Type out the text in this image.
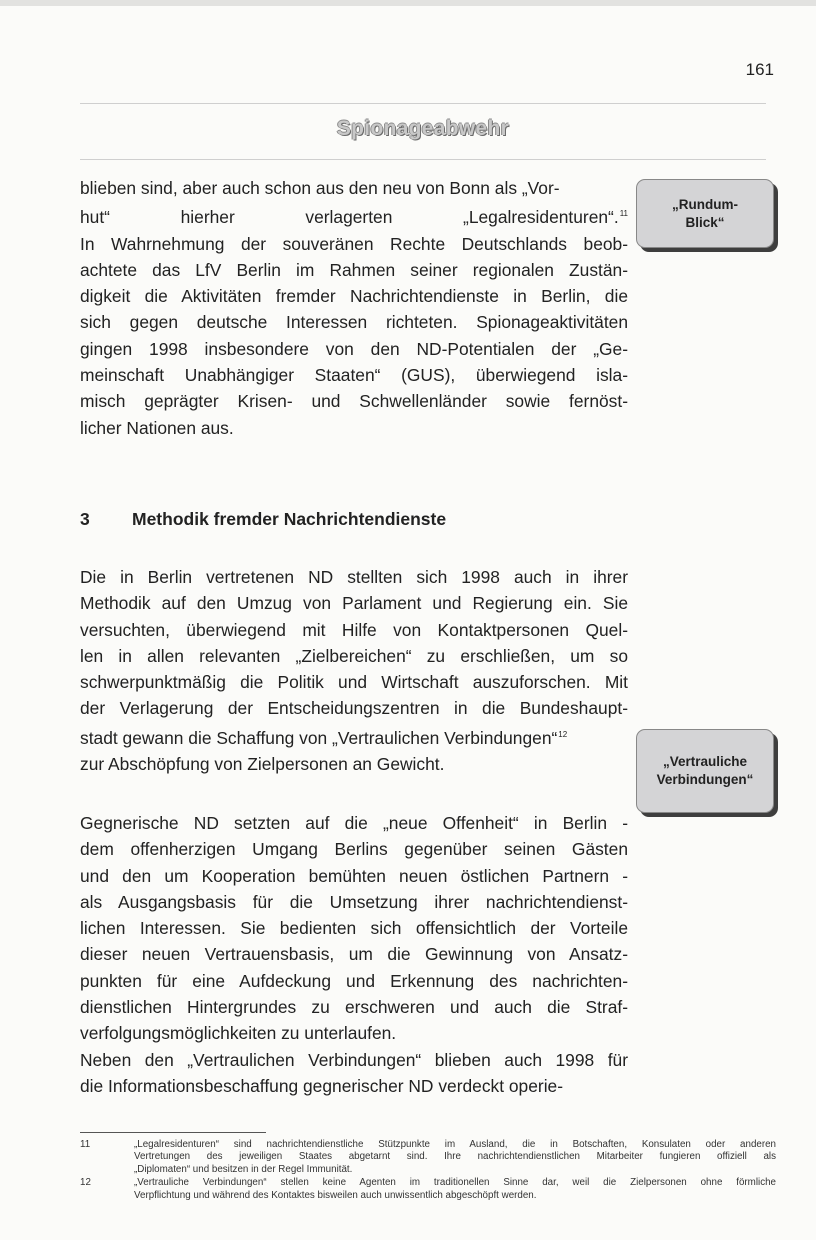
161
Spionageabwehr
blieben sind, aber auch schon aus den neu von Bonn als „Vor-
hut“ hierher verlagerten „Legalresidenturen“.$^{11}$
In Wahrnehmung der souveränen Rechte Deutschlands beob-
achtete das LfV Berlin im Rahmen seiner regionalen Zustän-
digkeit die Aktivitäten fremder Nachrichtendienste in Berlin, die
sich gegen deutsche Interessen richteten. Spionageaktivitäten
gingen 1998 insbesondere von den ND-Potentialen der „Ge-
meinschaft Unabhängiger Staaten“ (GUS), überwiegend isla-
misch geprägter Krisen- und Schwellenländer sowie fernöst-
licher Nationen aus.
3 Methodik fremder Nachrichtendienste
Die in Berlin vertretenen ND stellten sich 1998 auch in ihrer
Methodik auf den Umzug von Parlament und Regierung ein. Sie
versuchten, überwiegend mit Hilfe von Kontaktpersonen Quel-
len in allen relevanten „Zielbereichen“ zu erschließen, um so
schwerpunktmäßig die Politik und Wirtschaft auszuforschen. Mit
der Verlagerung der Entscheidungszentren in die Bundeshaupt-
stadt gewann die Schaffung von „Vertraulichen Verbindungen“$^{12}$
zur Abschöpfung von Zielpersonen an Gewicht.
Gegnerische ND setzten auf die „neue Offenheit“ in Berlin -
dem offenherzigen Umgang Berlins gegenüber seinen Gästen
und den um Kooperation bemühten neuen östlichen Partnern -
als Ausgangsbasis für die Umsetzung ihrer nachrichtendienst-
lichen Interessen. Sie bedienten sich offensichtlich der Vorteile
dieser neuen Vertrauensbasis, um die Gewinnung von Ansatz-
punkten für eine Aufdeckung und Erkennung des nachrichten-
dienstlichen Hintergrundes zu erschweren und auch die Straf-
verfolgungsmöglichkeiten zu unterlaufen.
Neben den „Vertraulichen Verbindungen“ blieben auch 1998 für
die Informationsbeschaffung gegnerischer ND verdeckt operie-
„Rundum-
Blick“
„Vertrauliche
Verbindungen“
11	„Legalresidenturen“ sind nachrichtendienstliche Stützpunkte im Ausland, die in Botschaften, Konsulaten oder anderen
Vertretungen des jeweiligen Staates abgetarnt sind. Ihre nachrichtendienstlichen Mitarbeiter fungieren offiziell als
„Diplomaten“ und besitzen in der Regel Immunität.
12	„Vertrauliche Verbindungen“ stellen keine Agenten im traditionellen Sinne dar, weil die Zielpersonen ohne förmliche
Verpflichtung und während des Kontaktes bisweilen auch unwissentlich abgeschöpft werden.
